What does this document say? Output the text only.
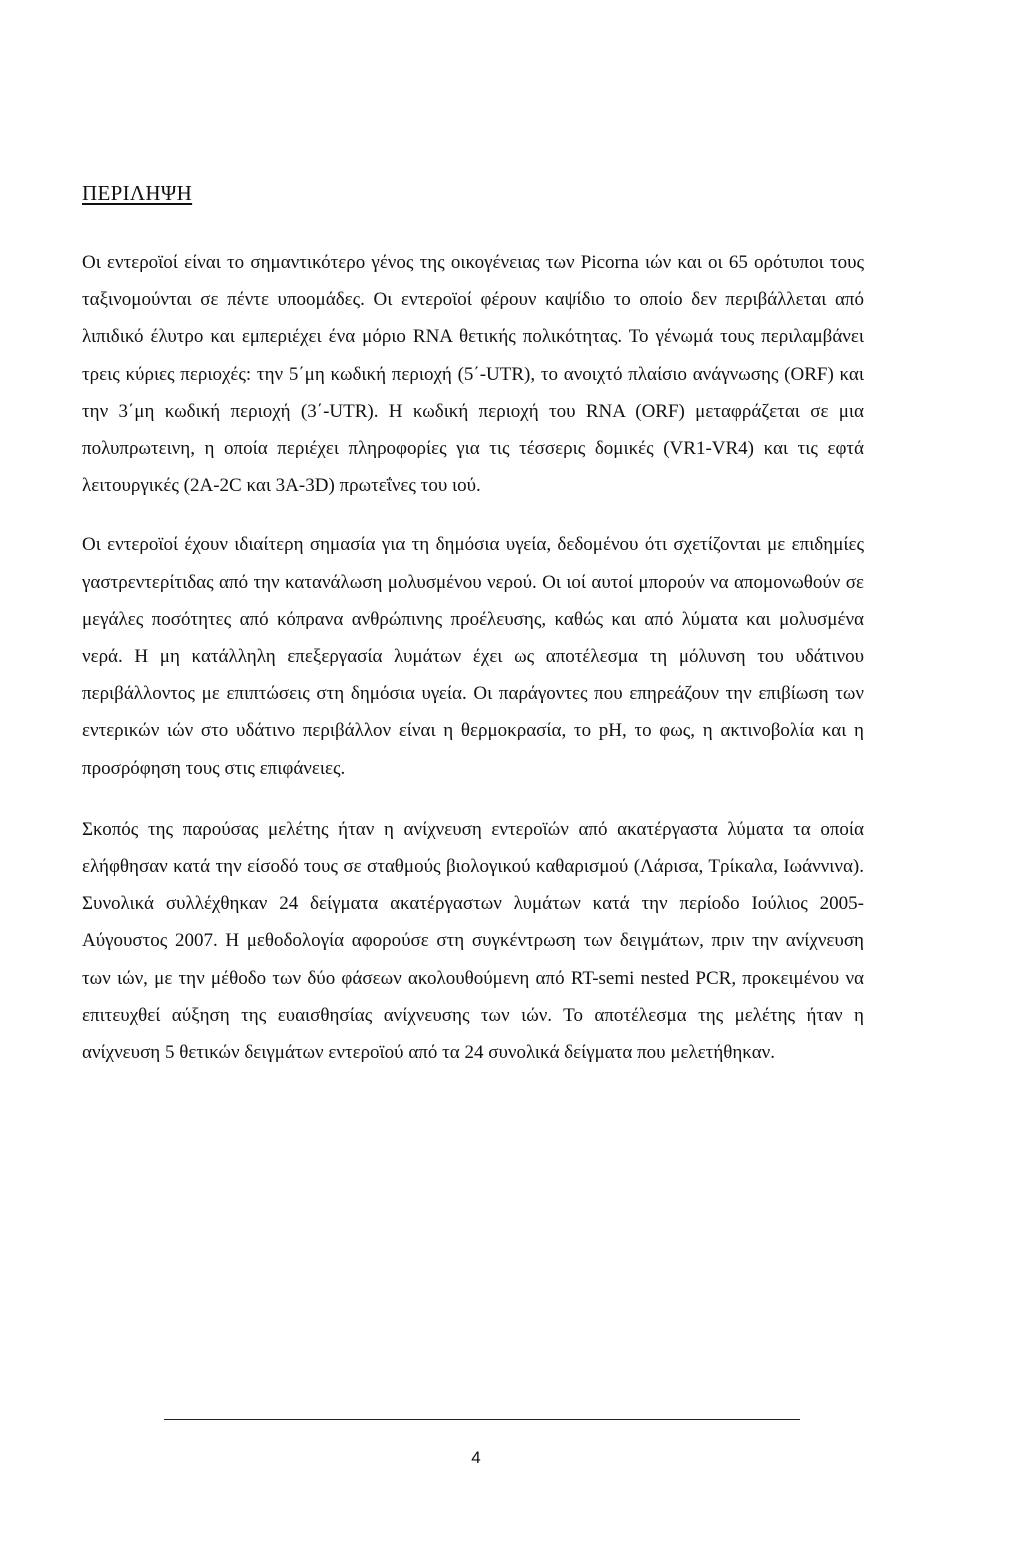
ΠΕΡΙΛΗΨΗ

Οι εντεροϊοί είναι το σημαντικότερο γένος της οικογένειας των Picorna ιών και οι 65 ορότυποι τους ταξινομούνται σε πέντε υποομάδες. Οι εντεροϊοί φέρουν καψίδιο το οποίο δεν περιβάλλεται από λιπιδικό έλυτρο και εμπεριέχει ένα μόριο RNA θετικής πολικότητας. Το γένωμά τους περιλαμβάνει τρεις κύριες περιοχές: την 5΄μη κωδική περιοχή (5΄-UTR), το ανοιχτό πλαίσιο ανάγνωσης (ORF) και την 3΄μη κωδική περιοχή (3΄-UTR). Η κωδική περιοχή του RNA (ORF) μεταφράζεται σε μια πολυπρωτεινη, η οποία περιέχει πληροφορίες για τις τέσσερις δομικές (VR1-VR4) και τις εφτά λειτουργικές (2Α-2C και 3Α-3D) πρωτεΐνες του ιού.

Οι εντεροϊοί έχουν ιδιαίτερη σημασία για τη δημόσια υγεία, δεδομένου ότι σχετίζονται με επιδημίες γαστρεντερίτιδας από την κατανάλωση μολυσμένου νερού. Οι ιοί αυτοί μπορούν να απομονωθούν σε μεγάλες ποσότητες από κόπρανα ανθρώπινης προέλευσης, καθώς και από λύματα και μολυσμένα νερά. Η μη κατάλληλη επεξεργασία λυμάτων έχει ως αποτέλεσμα τη μόλυνση του υδάτινου περιβάλλοντος με επιπτώσεις στη δημόσια υγεία. Οι παράγοντες που επηρεάζουν την επιβίωση των εντερικών ιών στο υδάτινο περιβάλλον είναι η θερμοκρασία, το pH, το φως, η ακτινοβολία και η προσρόφηση τους στις επιφάνειες.

Σκοπός της παρούσας μελέτης ήταν η ανίχνευση εντεροϊών από ακατέργαστα λύματα τα οποία ελήφθησαν κατά την είσοδό τους σε σταθμούς βιολογικού καθαρισμού (Λάρισα, Τρίκαλα, Ιωάννινα). Συνολικά συλλέχθηκαν 24 δείγματα ακατέργαστων λυμάτων κατά την περίοδο Ιούλιος 2005-Αύγουστος 2007. Η μεθοδολογία αφορούσε στη συγκέντρωση των δειγμάτων, πριν την ανίχνευση των ιών, με την μέθοδο των δύο φάσεων ακολουθούμενη από RT-semi nested PCR, προκειμένου να επιτευχθεί αύξηση της ευαισθησίας ανίχνευσης των ιών. Το αποτέλεσμα της μελέτης ήταν η ανίχνευση 5 θετικών δειγμάτων εντεροϊού από τα 24 συνολικά δείγματα που μελετήθηκαν.

4
